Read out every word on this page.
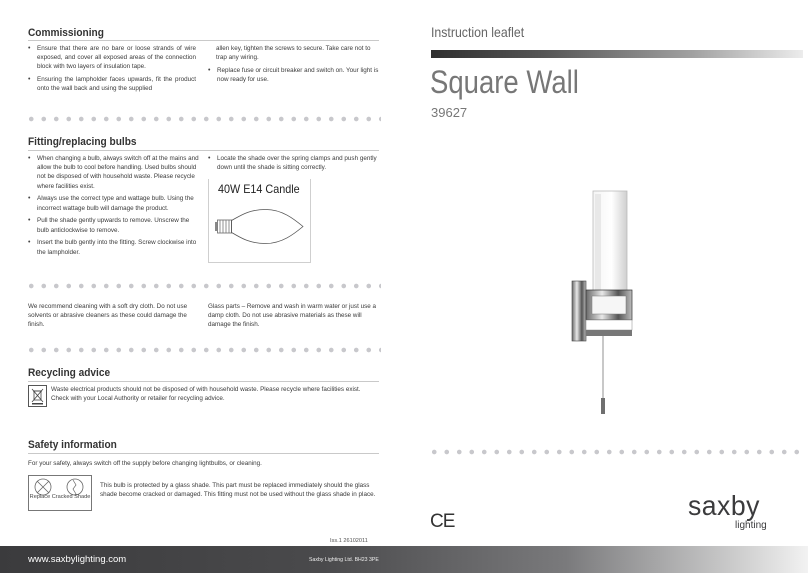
Commissioning
• Ensure that there are no bare or loose strands of wire exposed, and cover all exposed areas of the connection block with two layers of insulation tape.
• Ensuring the lampholder faces upwards, fit the product onto the wall back and using the supplied
allen key, tighten the screws to secure. Take care not to trap any wiring.
• Replace fuse or circuit breaker and switch on. Your light is now ready for use.
Fitting/replacing bulbs
• When changing a bulb, always switch off at the mains and allow the bulb to cool before handling. Used bulbs should not be disposed of with household waste. Please recycle where facilities exist.
• Always use the correct type and wattage bulb. Using the incorrect wattage bulb will damage the product.
• Pull the shade gently upwards to remove. Unscrew the bulb anticlockwise to remove.
• Insert the bulb gently into the fitting. Screw clockwise into the lampholder.
• Locate the shade over the spring clamps and push gently down until the shade is sitting correctly.
40W E14 Candle
We recommend cleaning with a soft dry cloth. Do not use solvents or abrasive cleaners as these could damage the finish.
Glass parts – Remove and wash in warm water or just use a damp cloth. Do not use abrasive materials as these will damage the finish.
Recycling advice
Waste electrical products should not be disposed of with household waste. Please recycle where facilities exist. Check with your Local Authority or retailer for recycling advice.
Safety information
For your safety, always switch off the supply before changing lightbulbs, or cleaning.
Replace Cracked Shade
This bulb is protected by a glass shade. This part must be replaced immediately should the glass shade become cracked or damaged. This fitting must not be used without the glass shade in place.
Iss.1 26102011
www.saxbylighting.com	Saxby Lighting Ltd. BH23 3PE
Instruction leaflet
Square Wall
39627
CE
saxby
lighting
